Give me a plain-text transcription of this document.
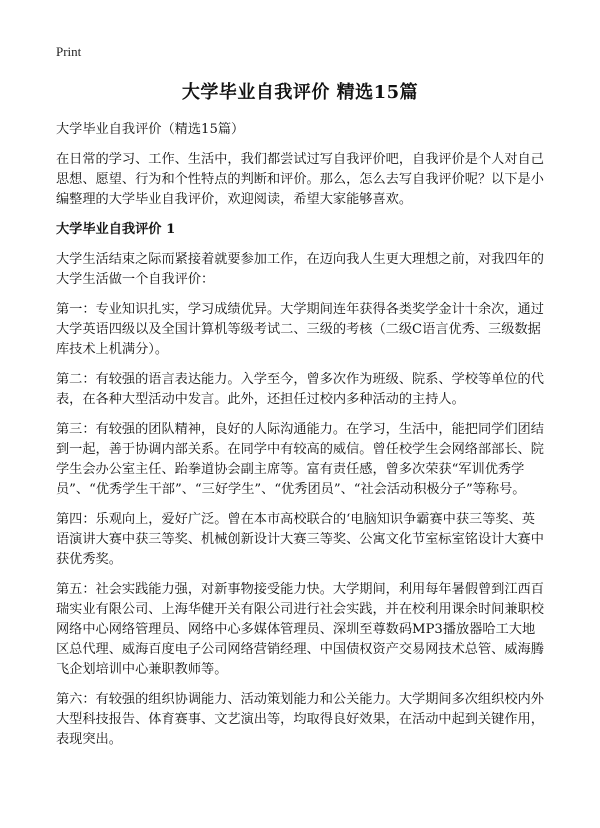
Print
大学毕业自我评价 精选15篇

大学毕业自我评价（精选15篇）

在日常的学习、工作、生活中，我们都尝试过写自我评价吧，自我评价是个人对自己思想、愿望、行为和个性特点的判断和评价。那么，怎么去写自我评价呢？以下是小编整理的大学毕业自我评价，欢迎阅读，希望大家能够喜欢。

大学毕业自我评价 1

大学生活结束之际而紧接着就要参加工作，在迈向我人生更大理想之前，对我四年的大学生活做一个自我评价：

第一：专业知识扎实，学习成绩优异。大学期间连年获得各类奖学金计十余次，通过大学英语四级以及全国计算机等级考试二、三级的考核（二级C语言优秀、三级数据库技术上机满分）。

第二：有较强的语言表达能力。入学至今，曾多次作为班级、院系、学校等单位的代表，在各种大型活动中发言。此外，还担任过校内多种活动的主持人。

第三：有较强的团队精神，良好的人际沟通能力。在学习，生活中，能把同学们团结到一起，善于协调内部关系。在同学中有较高的威信。曾任校学生会网络部部长、院学生会办公室主任、跆拳道协会副主席等。富有责任感，曾多次荣获“军训优秀学员”、“优秀学生干部”、“三好学生”、“优秀团员”、“社会活动积极分子”等称号。

第四：乐观向上，爱好广泛。曾在本市高校联合的‘电脑知识争霸赛中获三等奖、英语演讲大赛中获三等奖、机械创新设计大赛三等奖、公寓文化节室标室铭设计大赛中获优秀奖。

第五：社会实践能力强，对新事物接受能力快。大学期间，利用每年暑假曾到江西百瑞实业有限公司、上海华健开关有限公司进行社会实践，并在校利用课余时间兼职校网络中心网络管理员、网络中心多媒体管理员、深圳至尊数码MP3播放器哈工大地区总代理、威海百度电子公司网络营销经理、中国债权资产交易网技术总管、威海腾飞企划培训中心兼职教师等。

第六：有较强的组织协调能力、活动策划能力和公关能力。大学期间多次组织校内外大型科技报告、体育赛事、文艺演出等，均取得良好效果，在活动中起到关键作用，表现突出。
